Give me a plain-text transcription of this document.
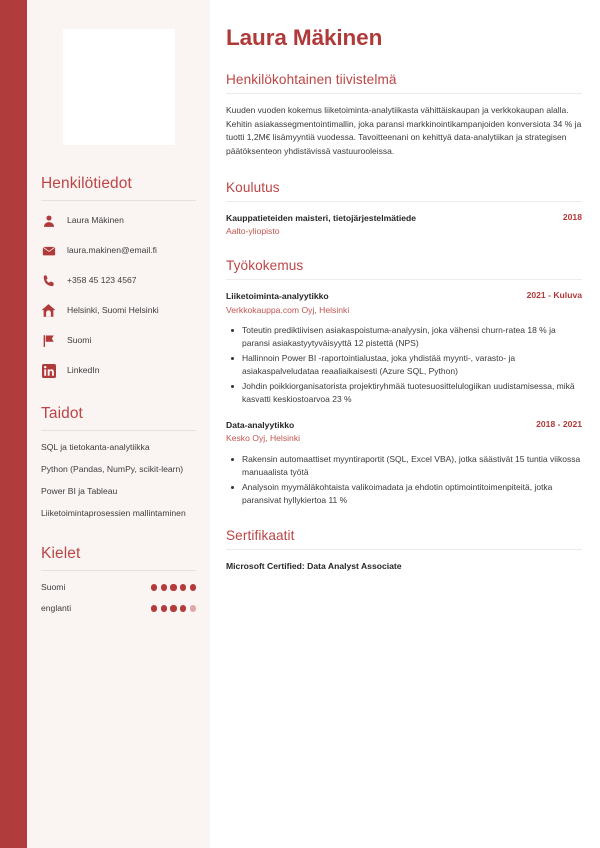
Henkilötiedot
Laura Mäkinen
laura.makinen@email.fi
+358 45 123 4567
Helsinki, Suomi Helsinki
Suomi
LinkedIn
Taidot
SQL ja tietokanta-analytiikka
Python (Pandas, NumPy, scikit-learn)
Power BI ja Tableau
Liiketoimintaprosessien mallintaminen
Kielet
Suomi
englanti
Laura Mäkinen
Henkilökohtainen tiivistelmä

Kuuden vuoden kokemus liiketoiminta-analytiikasta vähittäiskaupan ja verkkokaupan alalla. Kehitin asiakassegmentointimallin, joka paransi markkinointikampanjoiden konversiota 34 % ja tuotti 1,2M€ lisämyyntiä vuodessa. Tavoitteenani on kehittyä data-analytiikan ja strategisen päätöksenteon yhdistävissä vastuurooleissa.

Koulutus
Kauppatieteiden maisteri, tietojärjestelmätiede	2018
Aalto-yliopisto
Työkokemus
Liiketoiminta-analyytikko	2021 - Kuluva
Verkkokauppa.com Oyj, Helsinki
Toteutin prediktiivisen asiakaspoistuma-analyysin, joka vähensi churn-ratea 18 % ja paransi asiakastyytyväisyyttä 12 pistettä (NPS)
Hallinnoin Power BI -raportointialustaa, joka yhdistää myynti-, varasto- ja asiakaspalveludataa reaaliaikaisesti (Azure SQL, Python)
Johdin poikkiorganisatorista projektiryhmää tuotesuosittelulogiikan uudistamisessa, mikä kasvatti keskiostoarvoa 23 %
Data-analyytikko	2018 - 2021
Kesko Oyj, Helsinki
Rakensin automaattiset myyntiraportit (SQL, Excel VBA), jotka säästivät 15 tuntia viikossa manuaalista työtä
Analysoin myymäläkohtaista valikoimadata ja ehdotin optimointitoimenpiteitä, jotka paransivat hyllykiertoa 11 %
Sertifikaatit
Microsoft Certified: Data Analyst Associate
